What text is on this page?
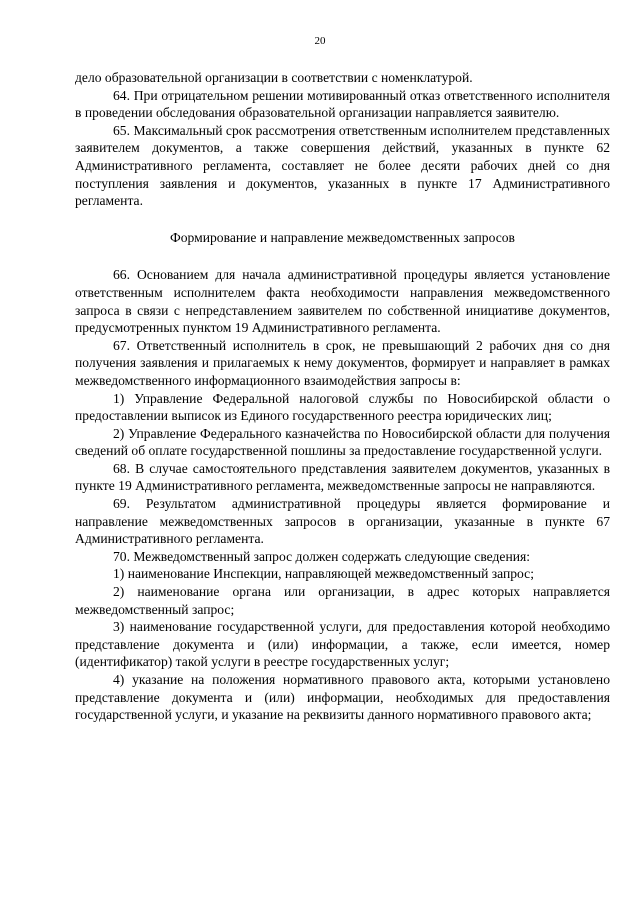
20

дело образовательной организации в соответствии с номенклатурой.

64. При отрицательном решении мотивированный отказ ответственного исполнителя в проведении обследования образовательной организации направляется заявителю.

65. Максимальный срок рассмотрения ответственным исполнителем представленных заявителем документов, а также совершения действий, указанных в пункте 62 Административного регламента, составляет не более десяти рабочих дней со дня поступления заявления и документов, указанных в пункте 17 Административного регламента.

Формирование и направление межведомственных запросов

66. Основанием для начала административной процедуры является установление ответственным исполнителем факта необходимости направления межведомственного запроса в связи с непредставлением заявителем по собственной инициативе документов, предусмотренных пунктом 19 Административного регламента.

67. Ответственный исполнитель в срок, не превышающий 2 рабочих дня со дня получения заявления и прилагаемых к нему документов, формирует и направляет в рамках межведомственного информационного взаимодействия запросы в:

1) Управление Федеральной налоговой службы по Новосибирской области о предоставлении выписок из Единого государственного реестра юридических лиц;

2) Управление Федерального казначейства по Новосибирской области для получения сведений об оплате государственной пошлины за предоставление государственной услуги.

68. В случае самостоятельного представления заявителем документов, указанных в пункте 19 Административного регламента, межведомственные запросы не направляются.

69. Результатом административной процедуры является формирование и направление межведомственных запросов в организации, указанные в пункте 67 Административного регламента.

70. Межведомственный запрос должен содержать следующие сведения:

1) наименование Инспекции, направляющей межведомственный запрос;

2) наименование органа или организации, в адрес которых направляется межведомственный запрос;

3) наименование государственной услуги, для предоставления которой необходимо представление документа и (или) информации, а также, если имеется, номер (идентификатор) такой услуги в реестре государственных услуг;

4) указание на положения нормативного правового акта, которыми установлено представление документа и (или) информации, необходимых для предоставления государственной услуги, и указание на реквизиты данного нормативного правового акта;
